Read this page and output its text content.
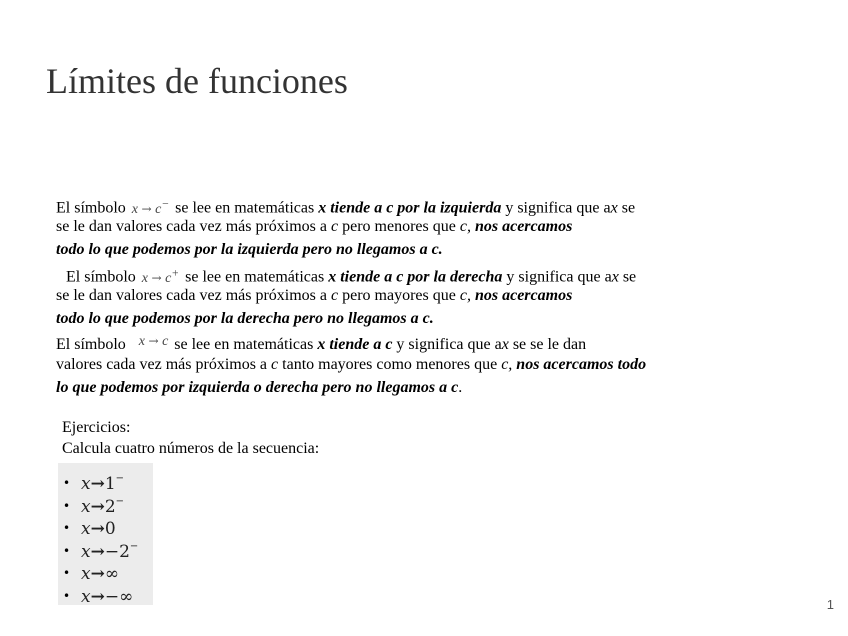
Límites de funciones
El símbolo x → c− se lee en matemáticas x tiende a c por la izquierda y significa que ax se
se le dan valores cada vez más próximos a c pero menores que c, nos acercamos
todo lo que podemos por la izquierda pero no llegamos a c.
El símbolo x → c+ se lee en matemáticas x tiende a c por la derecha y significa que ax se
se le dan valores cada vez más próximos a c pero mayores que c, nos acercamos
todo lo que podemos por la derecha pero no llegamos a c.
El símbolo x → c se lee en matemáticas x tiende a c y significa que ax se se le dan
valores cada vez más próximos a c tanto mayores como menores que c, nos acercamos todo
lo que podemos por izquierda o derecha pero no llegamos a c.
Ejercicios:
Calcula cuatro números de la secuencia:
• x→1−
• x→2−
• x→0
• x→−2−
• x→∞
• x→−∞	1
